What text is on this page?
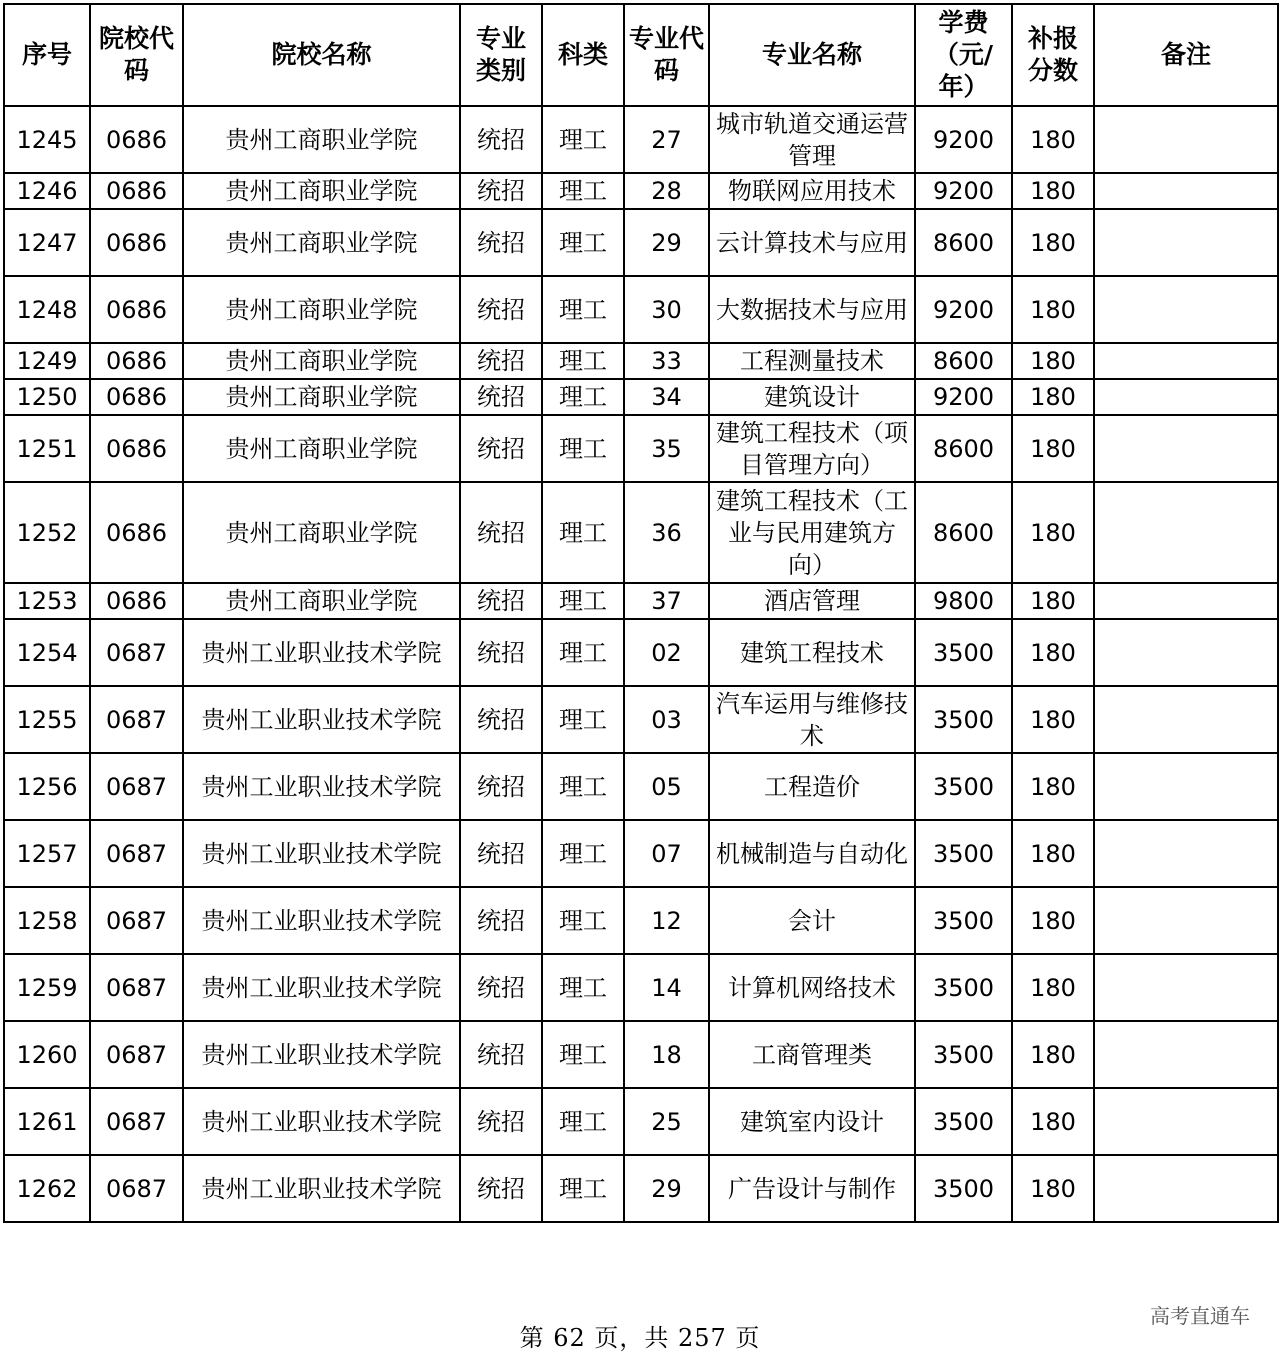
序号	院校代码	院校名称	专业类别	科类	专业代码	专业名称	学费（元/年）	补报分数	备注
1245	0686	贵州工商职业学院	统招	理工	27	城市轨道交通运营管理	9200	180	
1246	0686	贵州工商职业学院	统招	理工	28	物联网应用技术	9200	180	
1247	0686	贵州工商职业学院	统招	理工	29	云计算技术与应用	8600	180	
1248	0686	贵州工商职业学院	统招	理工	30	大数据技术与应用	9200	180	
1249	0686	贵州工商职业学院	统招	理工	33	工程测量技术	8600	180	
1250	0686	贵州工商职业学院	统招	理工	34	建筑设计	9200	180	
1251	0686	贵州工商职业学院	统招	理工	35	建筑工程技术（项目管理方向）	8600	180	
1252	0686	贵州工商职业学院	统招	理工	36	建筑工程技术（工业与民用建筑方向）	8600	180	
1253	0686	贵州工商职业学院	统招	理工	37	酒店管理	9800	180	
1254	0687	贵州工业职业技术学院	统招	理工	02	建筑工程技术	3500	180	
1255	0687	贵州工业职业技术学院	统招	理工	03	汽车运用与维修技术	3500	180	
1256	0687	贵州工业职业技术学院	统招	理工	05	工程造价	3500	180	
1257	0687	贵州工业职业技术学院	统招	理工	07	机械制造与自动化	3500	180	
1258	0687	贵州工业职业技术学院	统招	理工	12	会计	3500	180	
1259	0687	贵州工业职业技术学院	统招	理工	14	计算机网络技术	3500	180	
1260	0687	贵州工业职业技术学院	统招	理工	18	工商管理类	3500	180	
1261	0687	贵州工业职业技术学院	统招	理工	25	建筑室内设计	3500	180	
1262	0687	贵州工业职业技术学院	统招	理工	29	广告设计与制作	3500	180	
第 62 页，共 257 页
高考直通车
